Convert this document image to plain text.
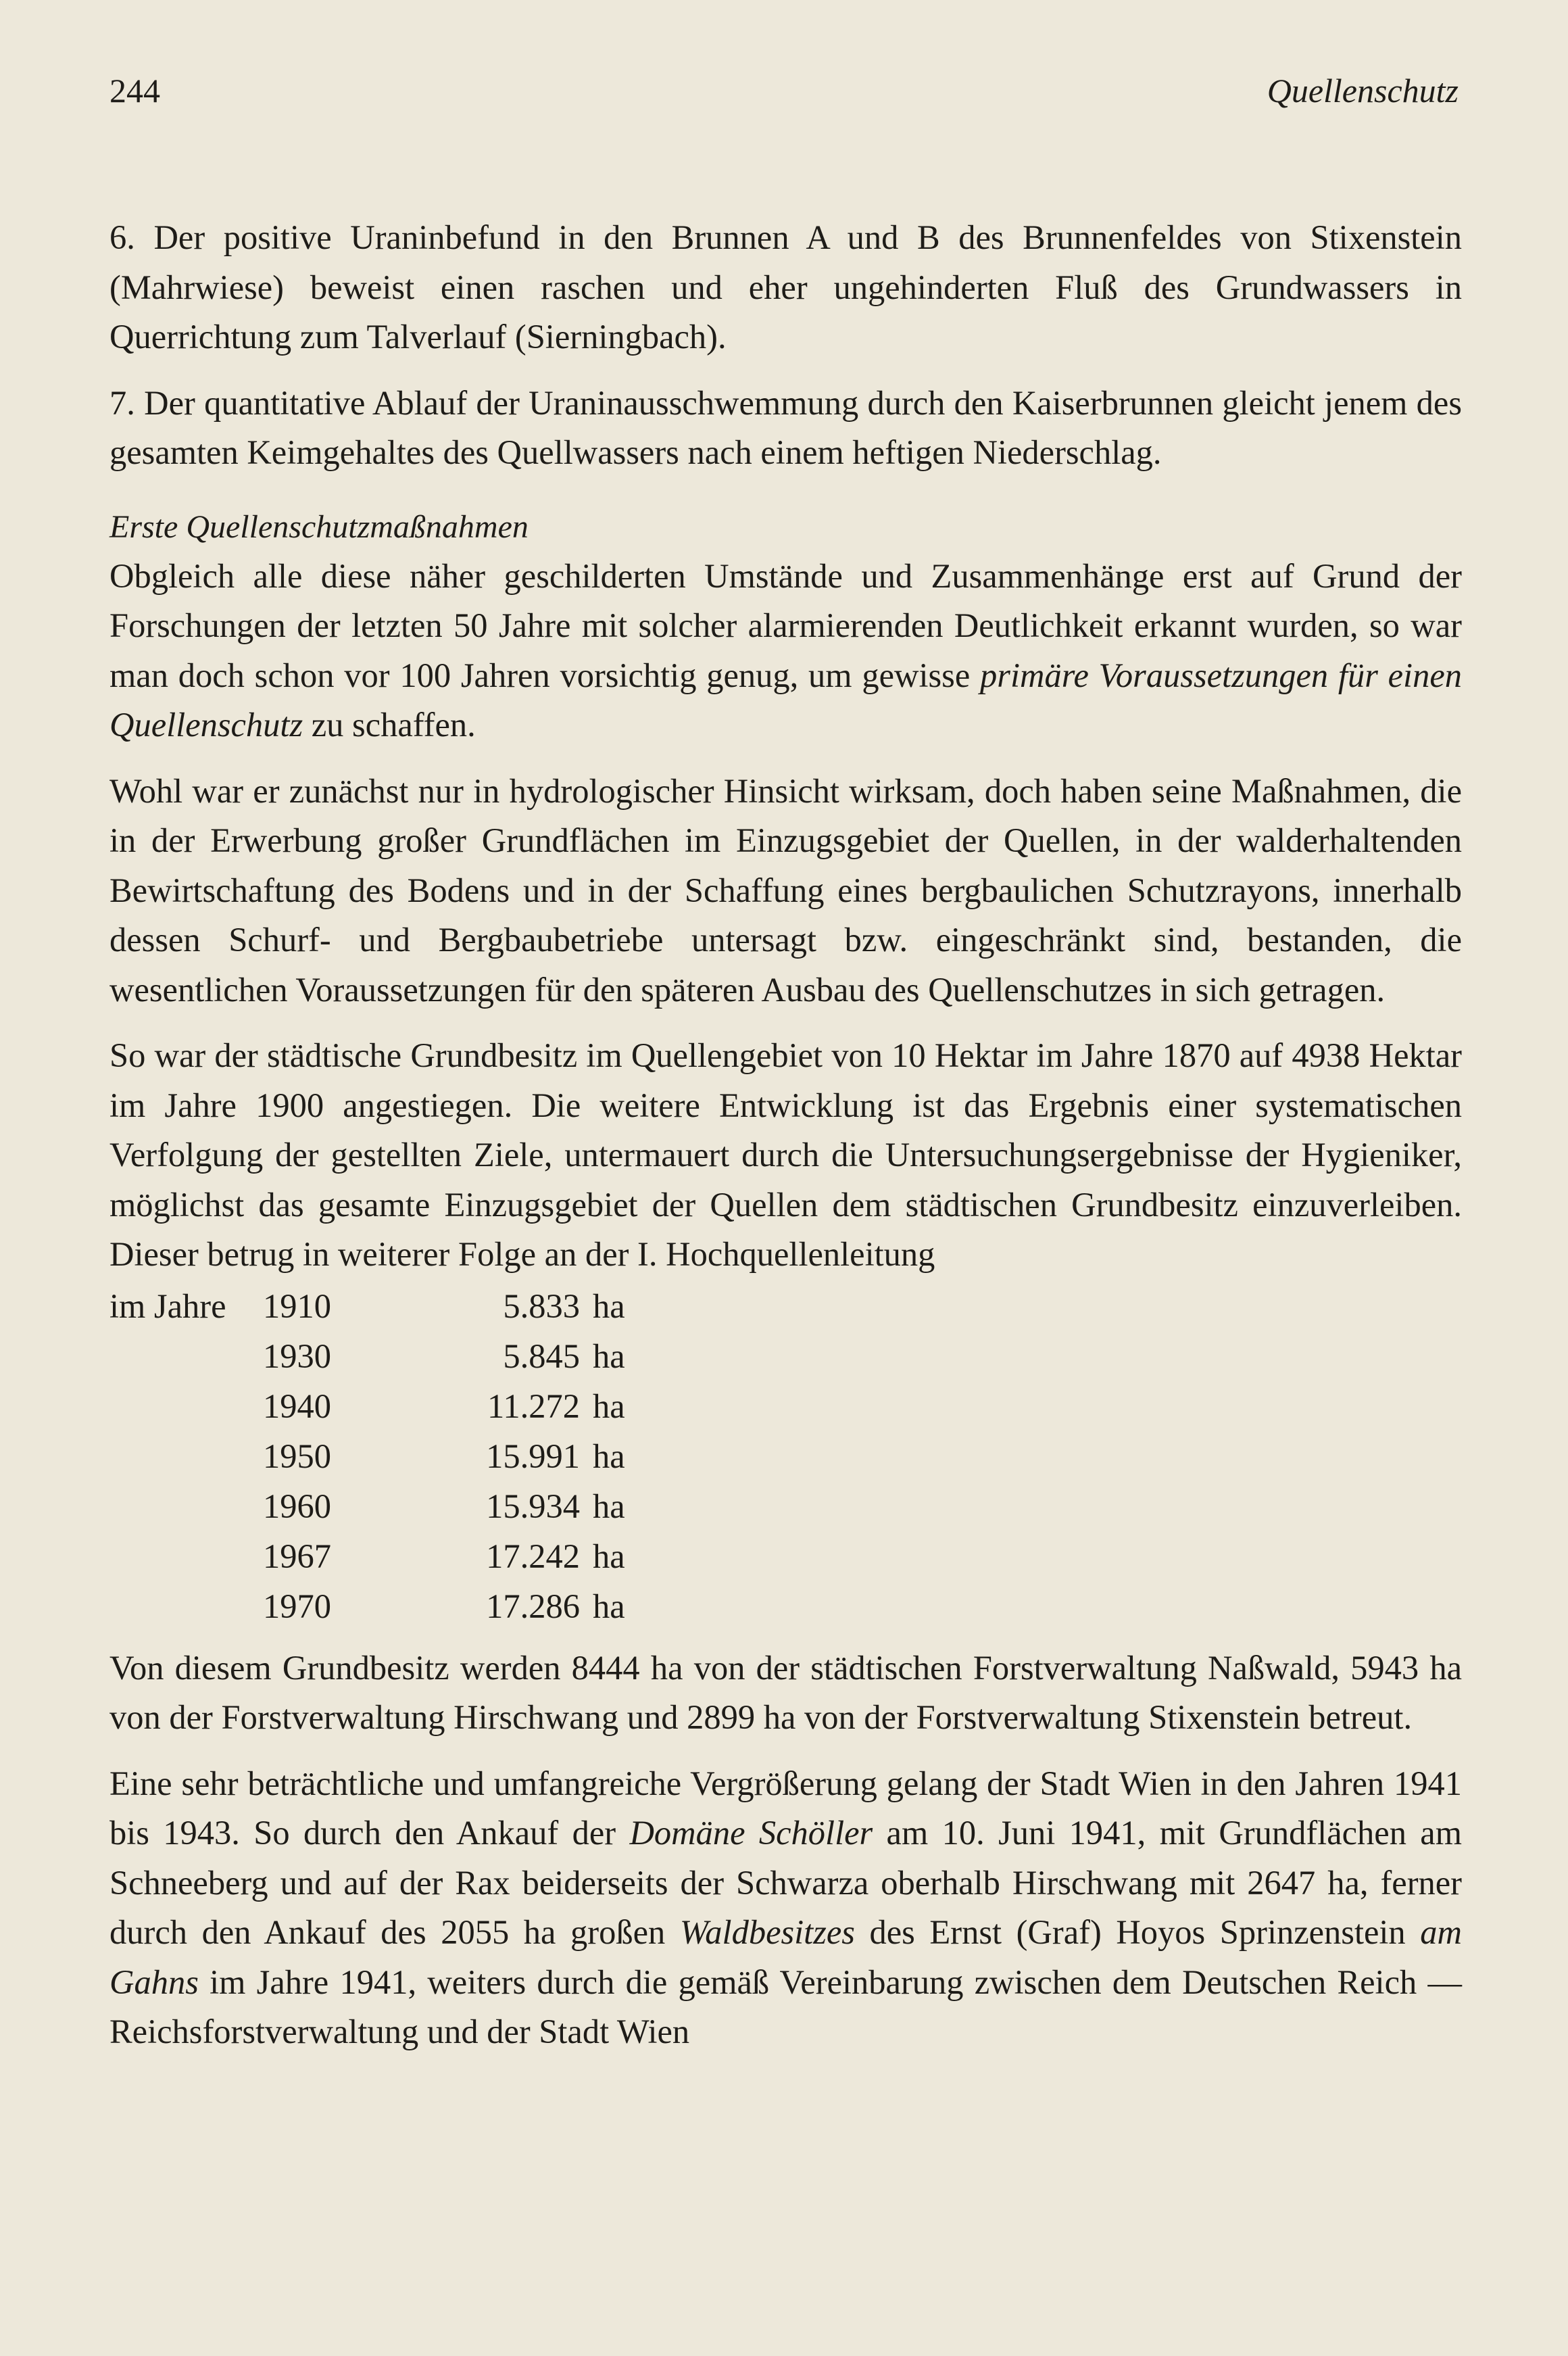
244	Quellenschutz

6. Der positive Uraninbefund in den Brunnen A und B des Brunnenfeldes von Stixenstein (Mahrwiese) beweist einen raschen und eher ungehinderten Fluß des Grundwassers in Querrichtung zum Talverlauf (Sierningbach).

7. Der quantitative Ablauf der Uraninausschwemmung durch den Kaiserbrunnen gleicht jenem des gesamten Keimgehaltes des Quellwassers nach einem heftigen Niederschlag.

Erste Quellenschutzmaßnahmen

Obgleich alle diese näher geschilderten Umstände und Zusammenhänge erst auf Grund der Forschungen der letzten 50 Jahre mit solcher alarmierenden Deutlichkeit erkannt wurden, so war man doch schon vor 100 Jahren vorsichtig genug, um gewisse primäre Voraussetzungen für einen Quellenschutz zu schaffen.

Wohl war er zunächst nur in hydrologischer Hinsicht wirksam, doch haben seine Maßnahmen, die in der Erwerbung großer Grundflächen im Einzugsgebiet der Quellen, in der walderhaltenden Bewirtschaftung des Bodens und in der Schaffung eines bergbaulichen Schutzrayons, innerhalb dessen Schurf- und Bergbaubetriebe untersagt bzw. eingeschränkt sind, bestanden, die wesentlichen Voraussetzungen für den späteren Ausbau des Quellenschutzes in sich getragen.

So war der städtische Grundbesitz im Quellengebiet von 10 Hektar im Jahre 1870 auf 4938 Hektar im Jahre 1900 angestiegen. Die weitere Entwicklung ist das Ergebnis einer systematischen Verfolgung der gestellten Ziele, untermauert durch die Untersuchungsergebnisse der Hygieniker, möglichst das gesamte Einzugsgebiet der Quellen dem städtischen Grundbesitz einzuverleiben. Dieser betrug in weiterer Folge an der I. Hochquellenleitung

im Jahre 1910	5.833 ha
1930	5.845 ha
1940	11.272 ha
1950	15.991 ha
1960	15.934 ha
1967	17.242 ha
1970	17.286 ha

Von diesem Grundbesitz werden 8444 ha von der städtischen Forstverwaltung Naßwald, 5943 ha von der Forstverwaltung Hirschwang und 2899 ha von der Forstverwaltung Stixenstein betreut.

Eine sehr beträchtliche und umfangreiche Vergrößerung gelang der Stadt Wien in den Jahren 1941 bis 1943. So durch den Ankauf der Domäne Schöller am 10. Juni 1941, mit Grundflächen am Schneeberg und auf der Rax beiderseits der Schwarza oberhalb Hirschwang mit 2647 ha, ferner durch den Ankauf des 2055 ha großen Waldbesitzes des Ernst (Graf) Hoyos Sprinzenstein am Gahns im Jahre 1941, weiters durch die gemäß Vereinbarung zwischen dem Deutschen Reich — Reichsforstverwaltung und der Stadt Wien
